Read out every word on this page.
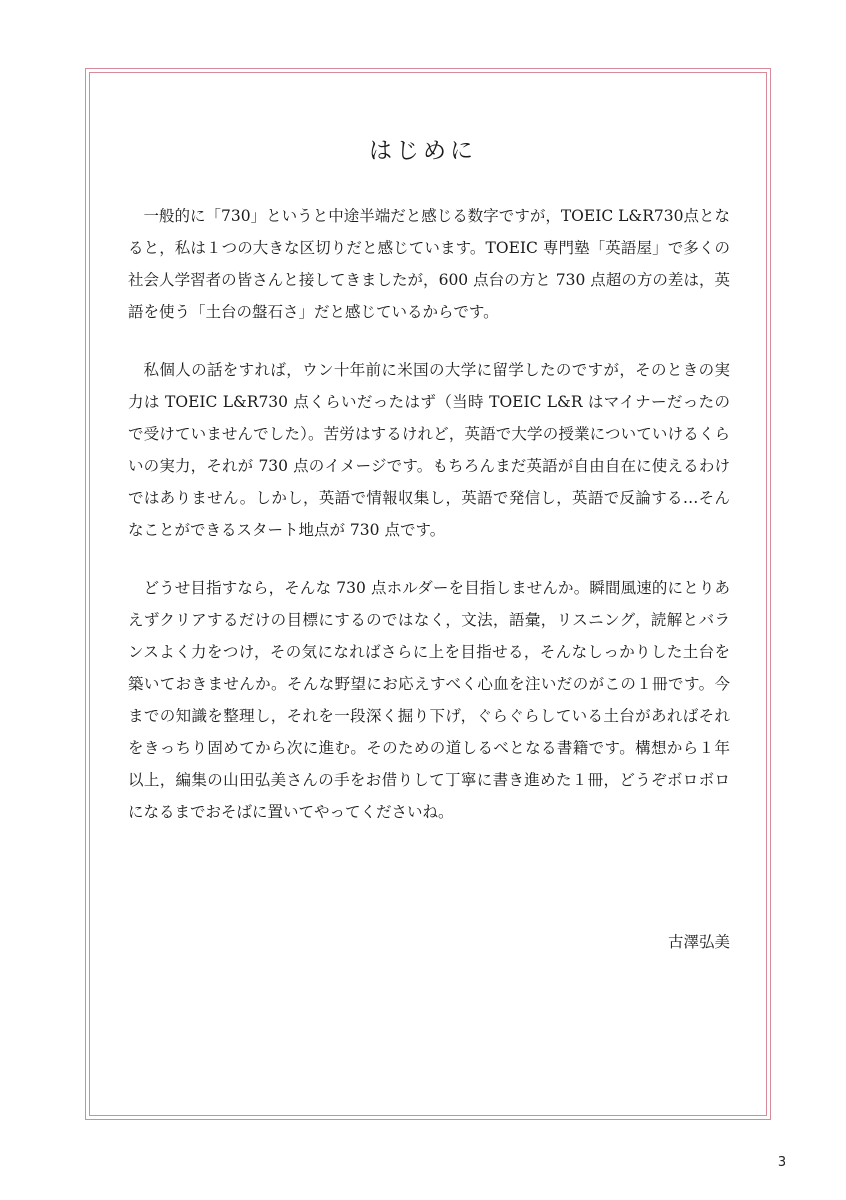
はじめに

一般的に「730」というと中途半端だと感じる数字ですが，TOEIC L&R730点となると，私は１つの大きな区切りだと感じています。TOEIC 専門塾「英語屋」で多くの社会人学習者の皆さんと接してきましたが，600 点台の方と 730 点超の方の差は，英語を使う「土台の盤石さ」だと感じているからです。

私個人の話をすれば，ウン十年前に米国の大学に留学したのですが，そのときの実力は TOEIC L&R730 点くらいだったはず（当時 TOEIC L&R はマイナーだったので受けていませんでした）。苦労はするけれど，英語で大学の授業についていけるくらいの実力，それが 730 点のイメージです。もちろんまだ英語が自由自在に使えるわけではありません。しかし，英語で情報収集し，英語で発信し，英語で反論する…そんなことができるスタート地点が 730 点です。

どうせ目指すなら，そんな 730 点ホルダーを目指しませんか。瞬間風速的にとりあえずクリアするだけの目標にするのではなく，文法，語彙，リスニング，読解とバランスよく力をつけ，その気になればさらに上を目指せる，そんなしっかりした土台を築いておきませんか。そんな野望にお応えすべく心血を注いだのがこの１冊です。今までの知識を整理し，それを一段深く掘り下げ，ぐらぐらしている土台があればそれをきっちり固めてから次に進む。そのための道しるべとなる書籍です。構想から１年以上，編集の山田弘美さんの手をお借りして丁寧に書き進めた１冊，どうぞボロボロになるまでおそばに置いてやってくださいね。

古澤弘美
3
